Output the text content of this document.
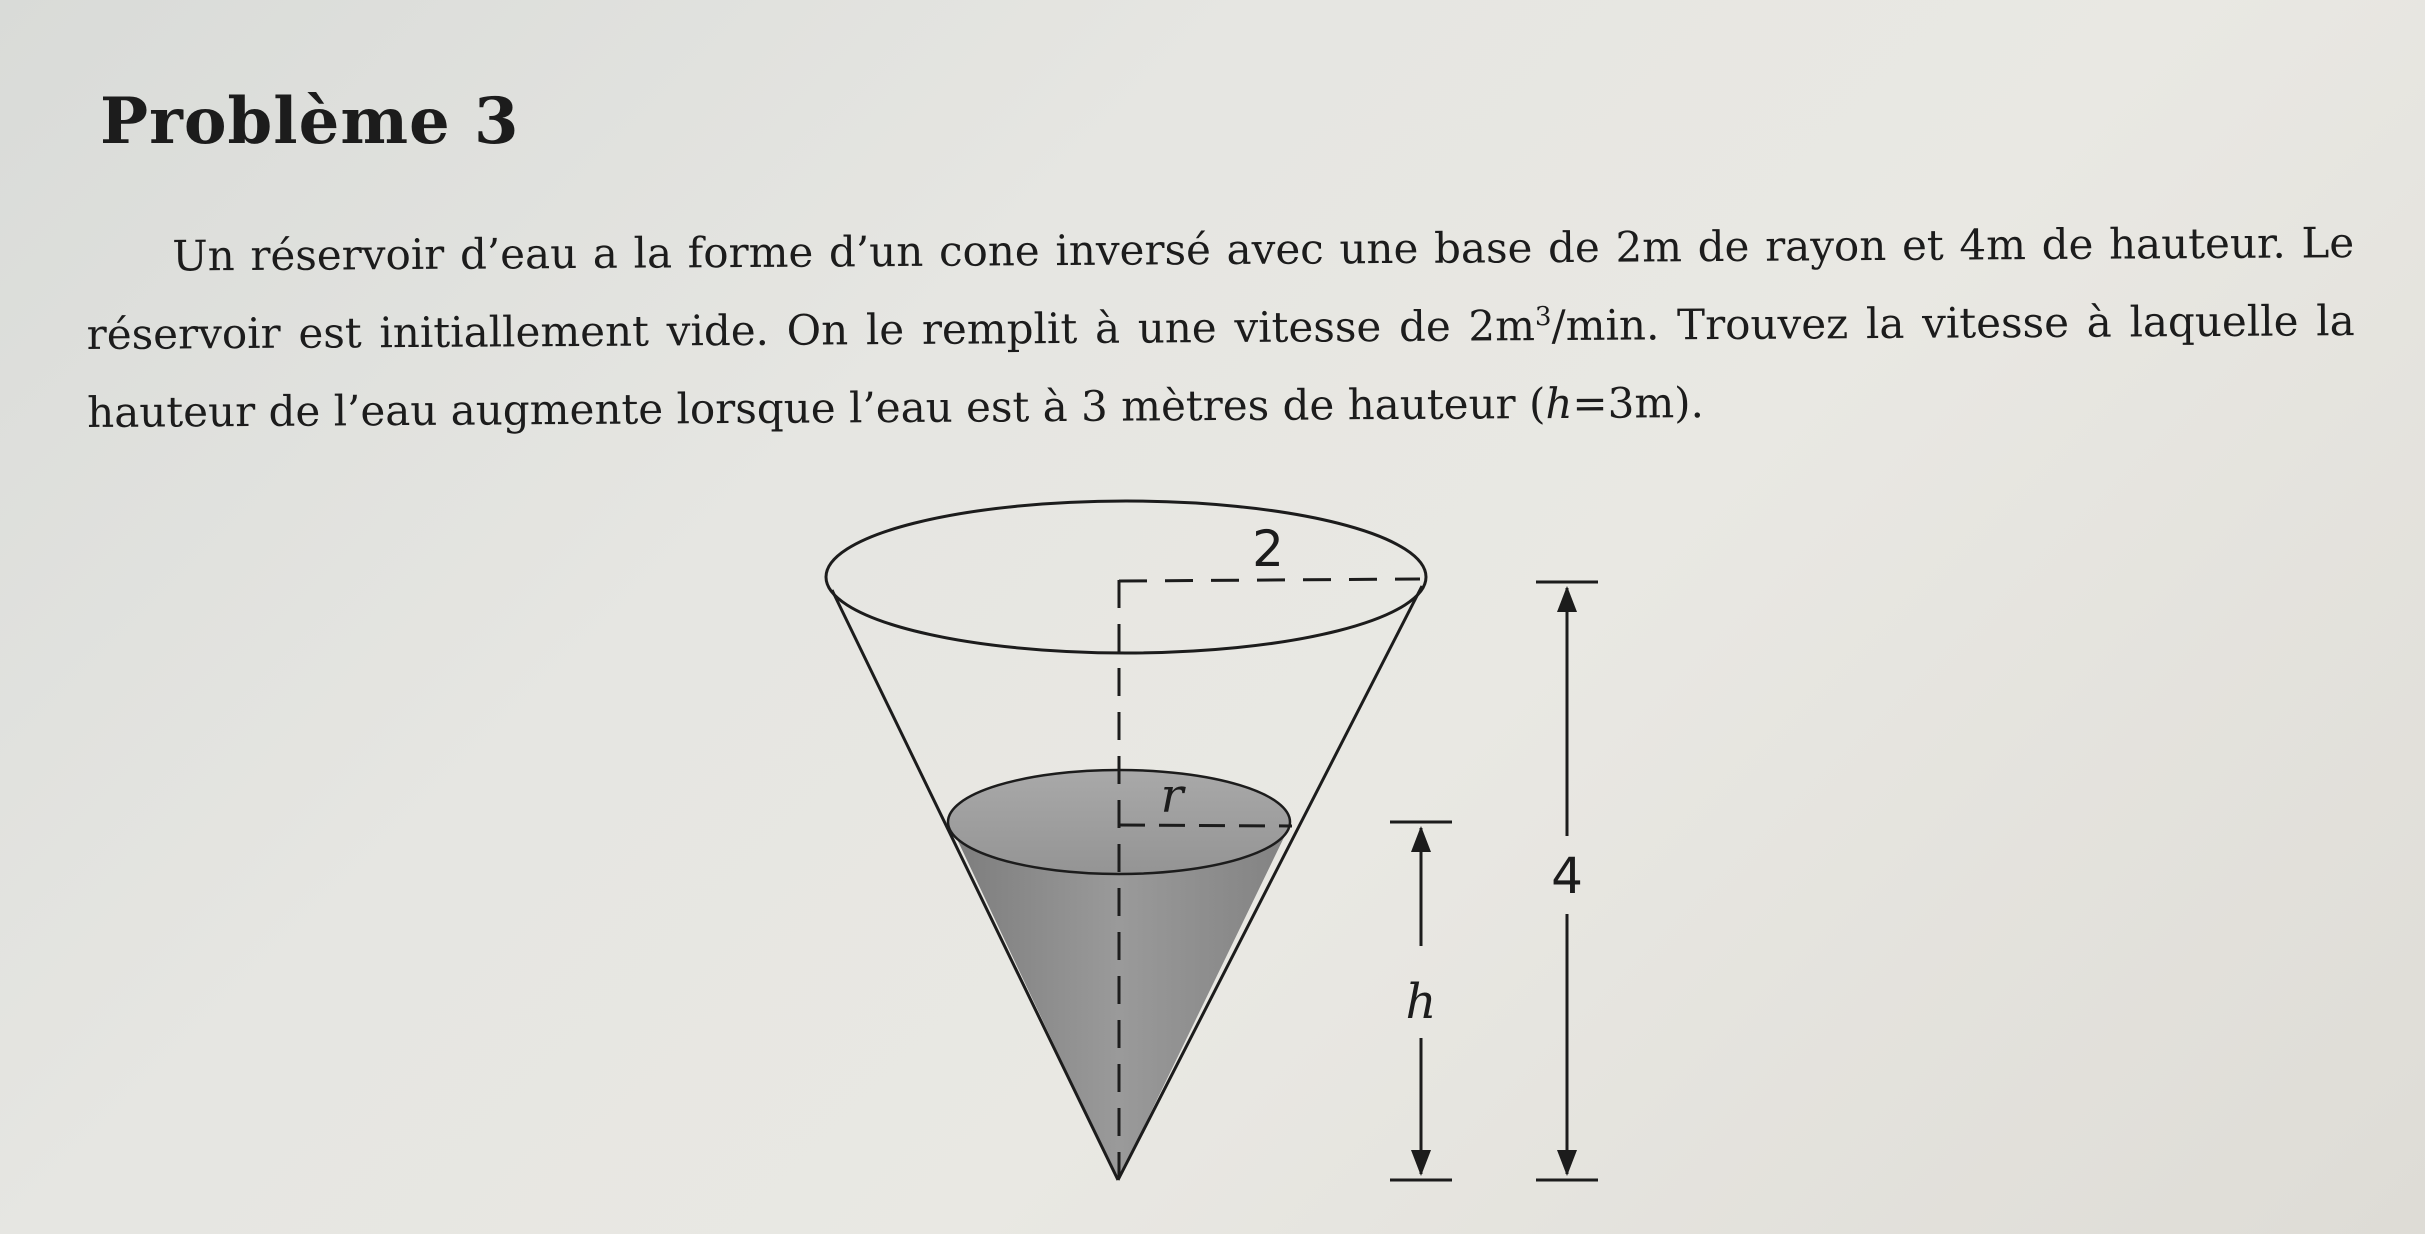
Problème 3

Un réservoir d’eau a la forme d’un cone inversé avec une base de 2m de rayon et 4m de hauteur. Le réservoir est initiallement vide. On le remplit à une vitesse de $2m^3/\min$. Trouvez la vitesse à laquelle la hauteur de l’eau augmente lorsque l’eau est à 3 mètres de hauteur (h=3m).

2
r
h
4
